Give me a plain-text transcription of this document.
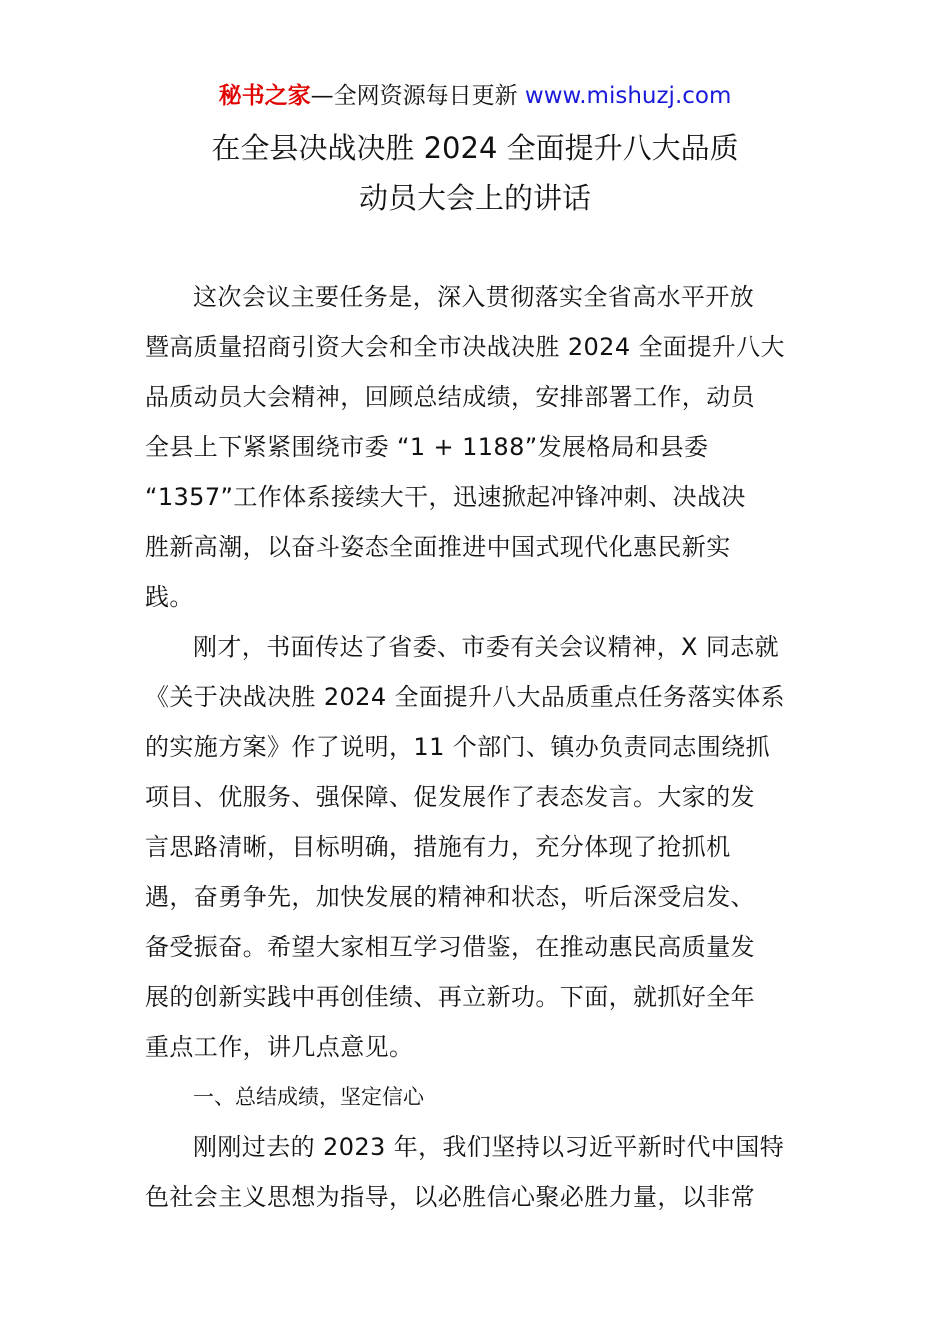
秘书之家—全网资源每日更新 www.mishuzj.com
在全县决战决胜 2024 全面提升八大品质
动员大会上的讲话

这次会议主要任务是，深入贯彻落实全省高水平开放
暨高质量招商引资大会和全市决战决胜 2024 全面提升八大
品质动员大会精神，回顾总结成绩，安排部署工作，动员
全县上下紧紧围绕市委 “1 + 1188”发展格局和县委
“1357”工作体系接续大干，迅速掀起冲锋冲刺、决战决
胜新高潮，以奋斗姿态全面推进中国式现代化惠民新实
践。

刚才，书面传达了省委、市委有关会议精神，X 同志就
《关于决战决胜 2024 全面提升八大品质重点任务落实体系
的实施方案》作了说明，11 个部门、镇办负责同志围绕抓
项目、优服务、强保障、促发展作了表态发言。大家的发
言思路清晰，目标明确，措施有力，充分体现了抢抓机
遇，奋勇争先，加快发展的精神和状态，听后深受启发、
备受振奋。希望大家相互学习借鉴，在推动惠民高质量发
展的创新实践中再创佳绩、再立新功。下面，就抓好全年
重点工作，讲几点意见。

一、总结成绩，坚定信心

刚刚过去的 2023 年，我们坚持以习近平新时代中国特
色社会主义思想为指导，以必胜信心聚必胜力量，以非常
